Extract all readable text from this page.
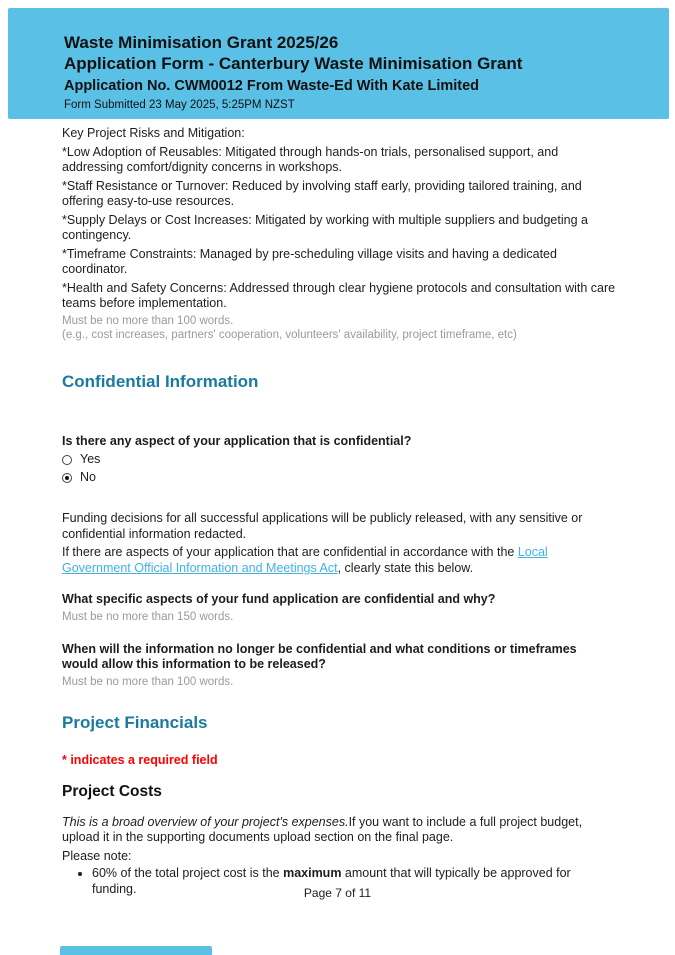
Waste Minimisation Grant 2025/26
Application Form - Canterbury Waste Minimisation Grant
Application No. CWM0012 From Waste-Ed With Kate Limited
Form Submitted 23 May 2025, 5:25PM NZST
Key Project Risks and Mitigation:
*Low Adoption of Reusables: Mitigated through hands-on trials, personalised support, and addressing comfort/dignity concerns in workshops.
*Staff Resistance or Turnover: Reduced by involving staff early, providing tailored training, and offering easy-to-use resources.
*Supply Delays or Cost Increases: Mitigated by working with multiple suppliers and budgeting a contingency.
*Timeframe Constraints: Managed by pre-scheduling village visits and having a dedicated coordinator.
*Health and Safety Concerns: Addressed through clear hygiene protocols and consultation with care teams before implementation.
Must be no more than 100 words.
(e.g., cost increases, partners' cooperation, volunteers' availability, project timeframe, etc)
Confidential Information
Is there any aspect of your application that is confidential?
Yes
No
Funding decisions for all successful applications will be publicly released, with any sensitive or confidential information redacted.
If there are aspects of your application that are confidential in accordance with the Local Government Official Information and Meetings Act, clearly state this below.
What specific aspects of your fund application are confidential and why?
Must be no more than 150 words.
When will the information no longer be confidential and what conditions or timeframes would allow this information to be released?
Must be no more than 100 words.
Project Financials
* indicates a required field
Project Costs
This is a broad overview of your project's expenses.If you want to include a full project budget, upload it in the supporting documents upload section on the final page.
Please note:
• 60% of the total project cost is the maximum amount that will typically be approved for funding.	Page 7 of 11
